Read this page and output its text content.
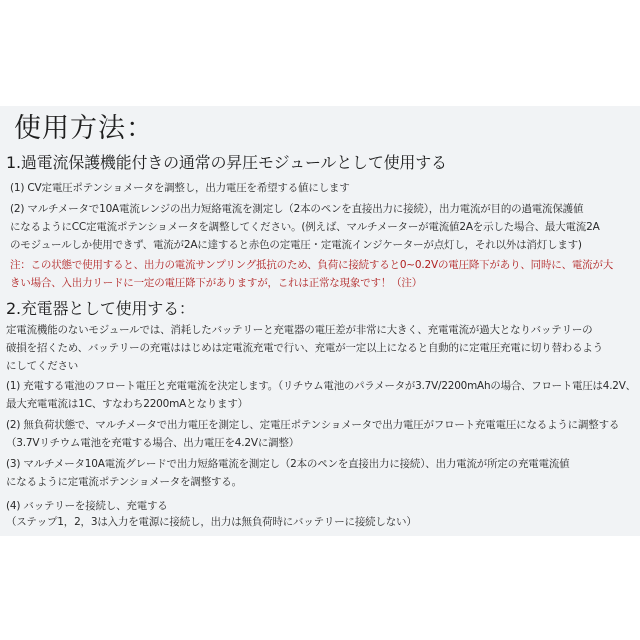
使用方法：
1.過電流保護機能付きの通常の昇圧モジュールとして使用する
(1) CV定電圧ポテンショメータを調整し，出力電圧を希望する値にします
(2) マルチメータで10A電流レンジの出力短絡電流を測定し（2本のペンを直接出力に接続），出力電流が目的の過電流保護値
になるようにCC定電流ポテンショメータを調整してください。(例えば、マルチメーターが電流値2Aを示した場合、最大電流2A
のモジュールしか使用できず、電流が2Aに達すると赤色の定電圧・定電流インジケーターが点灯し，それ以外は消灯します)
注：この状態で使用すると、出力の電流サンプリング抵抗のため、負荷に接続すると0~0.2Vの電圧降下があり、同時に、電流が大
きい場合、入出力リードに一定の電圧降下がありますが，これは正常な現象です！（注）
2.充電器として使用する：
定電流機能のないモジュールでは、消耗したバッテリーと充電器の電圧差が非常に大きく、充電電流が過大となりバッテリーの
破損を招くため、バッテリーの充電ははじめは定電流充電で行い、充電が一定以上になると自動的に定電圧充電に切り替わるよう
にしてください
(1) 充電する電池のフロート電圧と充電電流を決定します。（リチウム電池のパラメータが3.7V/2200mAhの場合、フロート電圧は4.2V、
最大充電電流は1C、すなわち2200mAとなります）
(2) 無負荷状態で、マルチメータで出力電圧を測定し、定電圧ポテンショメータで出力電圧がフロート充電電圧になるように調整する
（3.7Vリチウム電池を充電する場合、出力電圧を4.2Vに調整）
(3) マルチメータ10A電流グレードで出力短絡電流を測定し（2本のペンを直接出力に接続）、出力電流が所定の充電電流値
になるように定電流ポテンショメータを調整する。
(4) バッテリーを接続し、充電する
（ステップ1，2，3は入力を電源に接続し，出力は無負荷時にバッテリーに接続しない）
